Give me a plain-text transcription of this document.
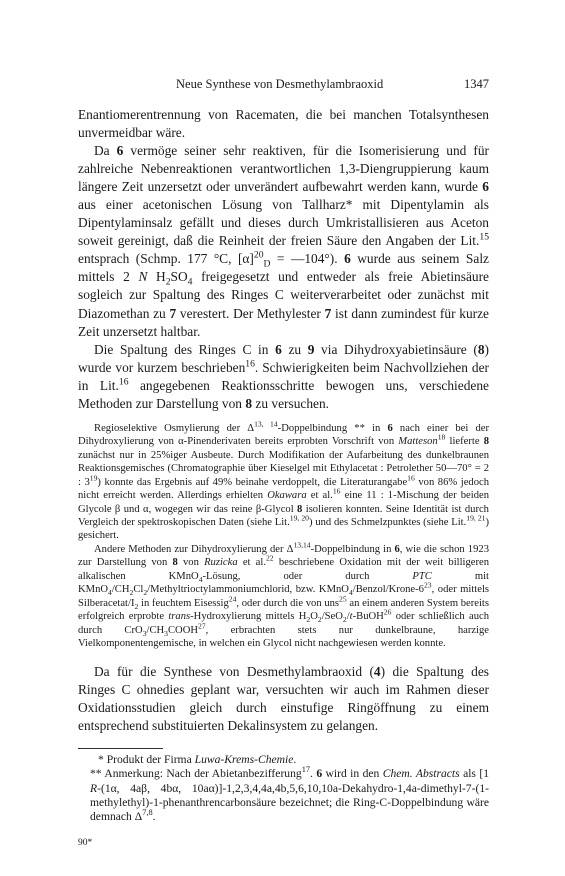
Neue Synthese von Desmethylambraoxid	1347

Enantiomerentrennung von Racematen, die bei manchen Totalsynthesen unvermeidbar wäre.

Da 6 vermöge seiner sehr reaktiven, für die Isomerisierung und für zahlreiche Nebenreaktionen verantwortlichen 1,3-Diengruppierung kaum längere Zeit unzersetzt oder unverändert aufbewahrt werden kann, wurde 6 aus einer acetonischen Lösung von Tallharz* mit Dipentylamin als Dipentylaminsalz gefällt und dieses durch Umkristallisieren aus Aceton soweit gereinigt, daß die Reinheit der freien Säure den Angaben der Lit.$^{15}$ entsprach (Schmp. 177 °C, $[\alpha]^{20}_D$ = —104°). 6 wurde aus seinem Salz mittels 2 N $H_2SO_4$ freigegesetzt und entweder als freie Abietinsäure sogleich zur Spaltung des Ringes C weiterverarbeitet oder zunächst mit Diazomethan zu 7 verestert. Der Methylester 7 ist dann zumindest für kurze Zeit unzersetzt haltbar.

Die Spaltung des Ringes C in 6 zu 9 via Dihydroxyabietinsäure (8) wurde vor kurzem beschrieben$^{16}$. Schwierigkeiten beim Nachvollziehen der in Lit.$^{16}$ angegebenen Reaktionsschritte bewogen uns, verschiedene Methoden zur Darstellung von 8 zu versuchen.

Regioselektive Osmylierung der Δ$^{13, 14}$-Doppelbindung ** in 6 nach einer bei der Dihydroxylierung von α-Pinenderivaten bereits erprobten Vorschrift von Matteson$^{18}$ lieferte 8 zunächst nur in 25%iger Ausbeute. Durch Modifikation der Aufarbeitung des dunkelbraunen Reaktionsgemisches (Chromatographie über Kieselgel mit Ethylacetat : Petrolether 50—70° = 2 : $3^{19}$) konnte das Ergebnis auf 49% beinahe verdoppelt, die Literaturangabe$^{16}$ von 86% jedoch nicht erreicht werden. Allerdings erhielten Okawara et al.$^{16}$ eine 11 : 1-Mischung der beiden Glycole β und α, wogegen wir das reine β-Glycol 8 isolieren konnten. Seine Identität ist durch Vergleich der spektroskopischen Daten (siehe Lit.$^{19, 20}$) und des Schmelzpunktes (siehe Lit.$^{19, 21}$) gesichert.

Andere Methoden zur Dihydroxylierung der Δ$^{13,14}$-Doppelbindung in 6, wie die schon 1923 zur Darstellung von 8 von Ruzicka et al.$^{22}$ beschriebene Oxidation mit der weit billigeren alkalischen KMnO$_4$-Lösung, oder durch PTC mit $KMnO_4/CH_2Cl_2$/Methyltrioctylammoniumchlorid, bzw. $KMnO_4/Benzol/Krone-6^{23}$, oder mittels Silberacetat/$I_2$ in feuchtem Eisessig$^{24}$, oder durch die von uns$^{25}$ an einem anderen System bereits erfolgreich erprobte trans-Hydroxylierung mittels $H_2O_2/SeO_2/t-BuOH^{26}$ oder schließlich auch durch $CrO_3/CH_3COOH^{27}$, erbrachten stets nur dunkelbraune, harzige Vielkomponentengemische, in welchen ein Glycol nicht nachgewiesen werden konnte.

Da für die Synthese von Desmethylambraoxid (4) die Spaltung des Ringes C ohnedies geplant war, versuchten wir auch im Rahmen dieser Oxidationsstudien gleich durch einstufige Ringöffnung zu einem entsprechend substituierten Dekalinsystem zu gelangen.

* Produkt der Firma Luwa-Krems-Chemie.

** Anmerkung: Nach der Abietanbezifferung$^{17}$. 6 wird in den Chem. Abstracts als [1 R-(1α, 4aβ, 4bα, 10aα)]-1,2,3,4,4a,4b,5,6,10,10a-Dekahydro-1,4a-dimethyl-7-(1-methylethyl)-1-phenanthrencarbonsäure bezeichnet; die Ring-C-Doppelbindung wäre demnach Δ$^{7,8}$.

90*
